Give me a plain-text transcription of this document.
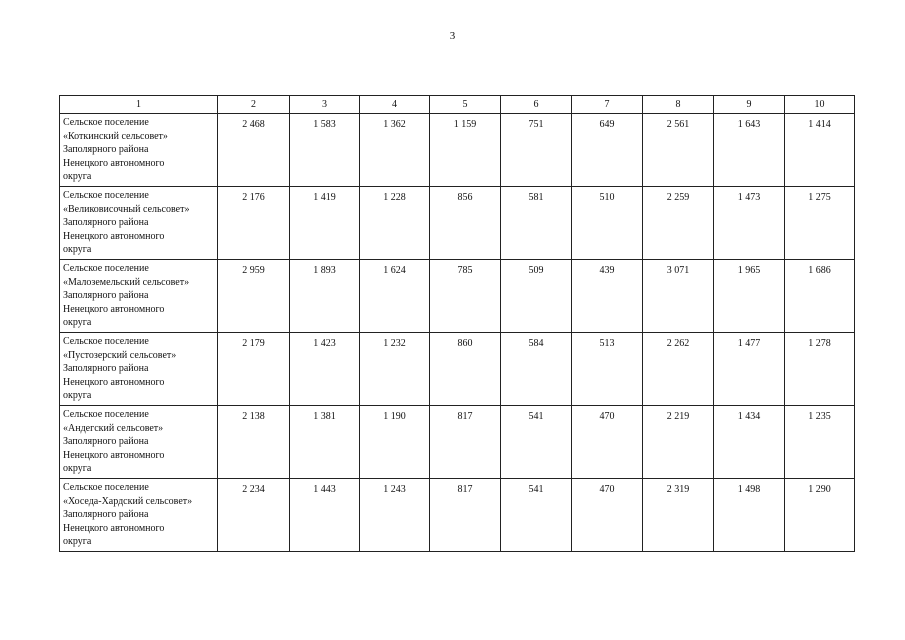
3
1	2	3	4	5	6	7	8	9	10

Сельское поселение
«Коткинский сельсовет»
Заполярного района
Ненецкого автономного
округа	2 468	1 583	1 362	1 159	751	649	2 561	1 643	1 414

Сельское поселение
«Великовисочный сельсовет»
Заполярного района
Ненецкого автономного
округа	2 176	1 419	1 228	856	581	510	2 259	1 473	1 275

Сельское поселение
«Малоземельский сельсовет»
Заполярного района
Ненецкого автономного
округа	2 959	1 893	1 624	785	509	439	3 071	1 965	1 686

Сельское поселение
«Пустозерский сельсовет»
Заполярного района
Ненецкого автономного
округа	2 179	1 423	1 232	860	584	513	2 262	1 477	1 278

Сельское поселение
«Андегский сельсовет»
Заполярного района
Ненецкого автономного
округа	2 138	1 381	1 190	817	541	470	2 219	1 434	1 235

Сельское поселение
«Хоседа-Хардский сельсовет»
Заполярного района
Ненецкого автономного
округа	2 234	1 443	1 243	817	541	470	2 319	1 498	1 290
